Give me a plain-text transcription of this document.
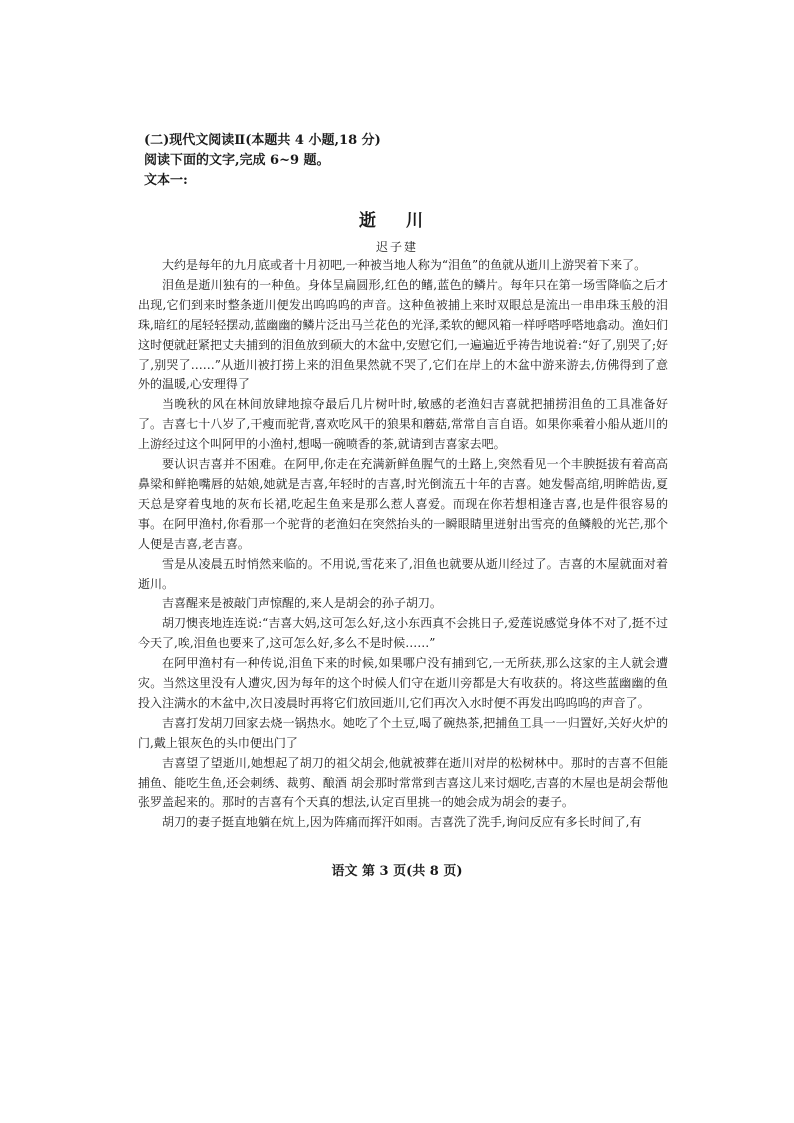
(二)现代文阅读Ⅱ(本题共 4 小题,18 分)
阅读下面的文字,完成 6~9 题。
文本一:
逝 川
迟子建

大约是每年的九月底或者十月初吧,一种被当地人称为“泪鱼”的鱼就从逝川上游哭着下来了。

泪鱼是逝川独有的一种鱼。身体呈扁圆形,红色的鳍,蓝色的鳞片。每年只在第一场雪降临之后才出现,它们到来时整条逝川便发出呜呜呜的声音。这种鱼被捕上来时双眼总是流出一串串珠玉般的泪珠,暗红的尾轻轻摆动,蓝幽幽的鳞片泛出马兰花色的光泽,柔软的鳃风箱一样呼嗒呼嗒地翕动。渔妇们这时便就赶紧把丈夫捕到的泪鱼放到硕大的木盆中,安慰它们,一遍遍近乎祷告地说着:“好了,别哭了;好了,别哭了……”从逝川被打捞上来的泪鱼果然就不哭了,它们在岸上的木盆中游来游去,仿佛得到了意外的温暖,心安理得了

当晚秋的风在林间放肆地掠夺最后几片树叶时,敏感的老渔妇吉喜就把捕捞泪鱼的工具准备好了。吉喜七十八岁了,干瘦而驼背,喜欢吃风干的狼果和蘑菇,常常自言自语。如果你乘着小船从逝川的上游经过这个叫阿甲的小渔村,想喝一碗喷香的茶,就请到吉喜家去吧。

要认识吉喜并不困难。在阿甲,你走在充满新鲜鱼腥气的土路上,突然看见一个丰腴挺拔有着高高鼻梁和鲜艳嘴唇的姑娘,她就是吉喜,年轻时的吉喜,时光倒流五十年的吉喜。她发髻高绾,明眸皓齿,夏天总是穿着曳地的灰布长裙,吃起生鱼来是那么惹人喜爱。而现在你若想相逢吉喜,也是件很容易的事。在阿甲渔村,你看那一个驼背的老渔妇在突然抬头的一瞬眼睛里迸射出雪亮的鱼鳞般的光芒,那个人便是吉喜,老吉喜。

雪是从凌晨五时悄然来临的。不用说,雪花来了,泪鱼也就要从逝川经过了。吉喜的木屋就面对着逝川。

吉喜醒来是被敲门声惊醒的,来人是胡会的孙子胡刀。

胡刀懊丧地连连说:“吉喜大妈,这可怎么好,这小东西真不会挑日子,爱莲说感觉身体不对了,挺不过今天了,唉,泪鱼也要来了,这可怎么好,多么不是时候……”

在阿甲渔村有一种传说,泪鱼下来的时候,如果哪户没有捕到它,一无所获,那么这家的主人就会遭灾。当然这里没有人遭灾,因为每年的这个时候人们守在逝川旁都是大有收获的。将这些蓝幽幽的鱼投入注满水的木盆中,次日凌晨时再将它们放回逝川,它们再次入水时便不再发出呜呜呜的声音了。

吉喜打发胡刀回家去烧一锅热水。她吃了个土豆,喝了碗热茶,把捕鱼工具一一归置好,关好火炉的门,戴上银灰色的头巾便出门了

吉喜望了望逝川,她想起了胡刀的祖父胡会,他就被葬在逝川对岸的松树林中。那时的吉喜不但能捕鱼、能吃生鱼,还会刺绣、裁剪、酿酒 胡会那时常常到吉喜这儿来讨烟吃,吉喜的木屋也是胡会帮他张罗盖起来的。那时的吉喜有个天真的想法,认定百里挑一的她会成为胡会的妻子。

胡刀的妻子挺直地躺在炕上,因为阵痛而挥汗如雨。吉喜洗了洗手,询问反应有多长时间了,有

语文 第 3 页(共 8 页)
